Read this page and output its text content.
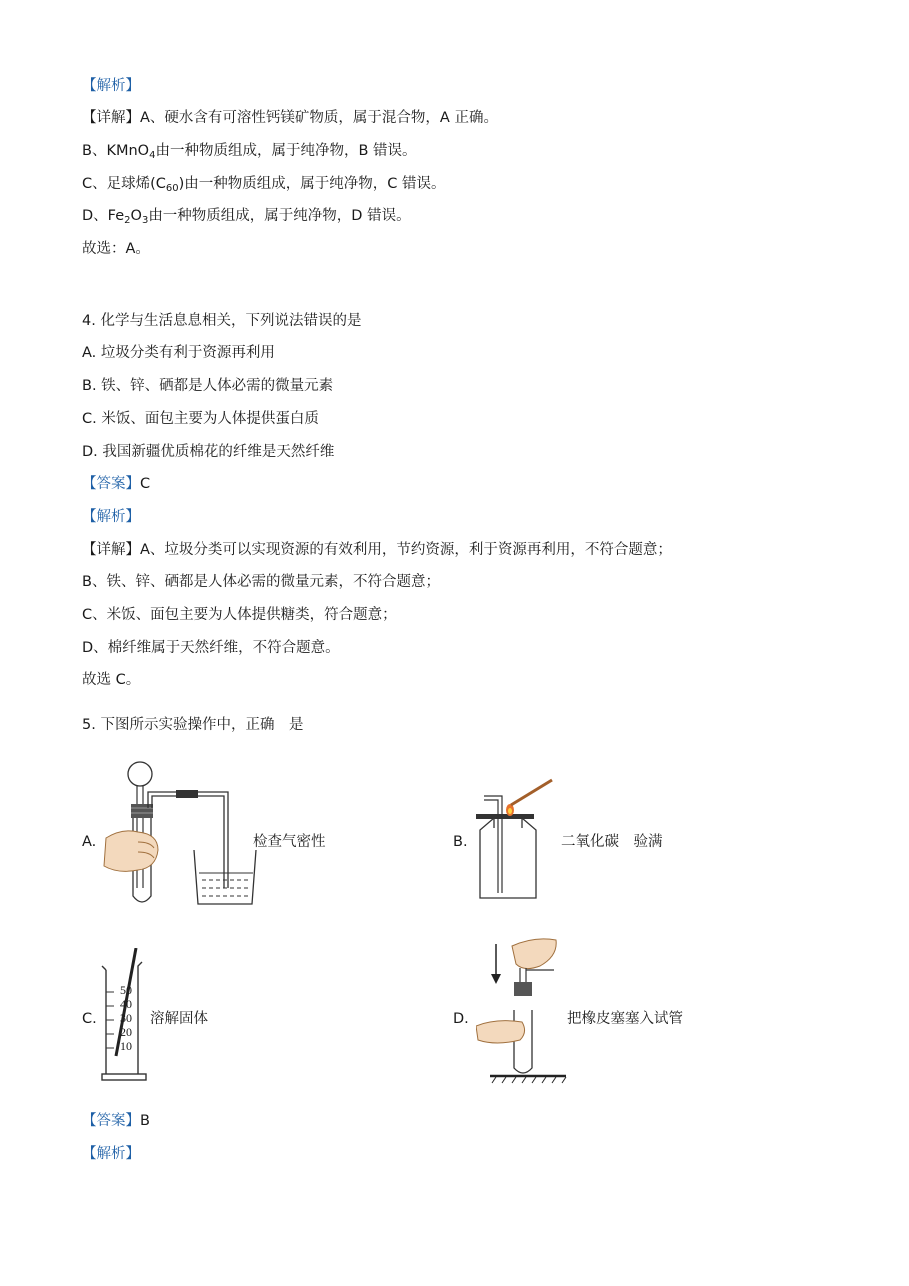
【解析】
【详解】A、硬水含有可溶性钙镁矿物质，属于混合物，A 正确。
B、KMnO$_4$由一种物质组成，属于纯净物，B 错误。
C、足球烯$(C_{60})$由一种物质组成，属于纯净物，C 错误。
D、$Fe_2O_3$由一种物质组成，属于纯净物，D 错误。
故选：A。
4. 化学与生活息息相关，下列说法错误的是
A. 垃圾分类有利于资源再利用
B. 铁、锌、硒都是人体必需的微量元素
C. 米饭、面包主要为人体提供蛋白质
D. 我国新疆优质棉花的纤维是天然纤维
【答案】C
【解析】
【详解】A、垃圾分类可以实现资源的有效利用，节约资源，利于资源再利用，不符合题意；
B、铁、锌、硒都是人体必需的微量元素，不符合题意；
C、米饭、面包主要为人体提供糖类，符合题意；
D、棉纤维属于天然纤维，不符合题意。
故选 C。
5. 下图所示实验操作中，正确　是
A.	检查气密性	B.	二氧化碳　验满
C.
50
40
30
20
10
溶解固体	D.	把橡皮塞塞入试管
【答案】B
【解析】
